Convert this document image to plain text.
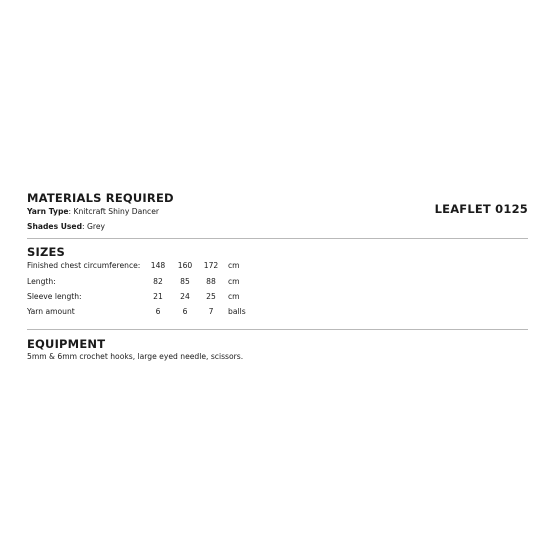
MATERIALS REQUIRED
Yarn Type: Knitcraft Shiny Dancer
Shades Used: Grey
LEAFLET 0125
SIZES
Finished chest circumference:	148	160	172	cm
Length:	82	85	88	cm
Sleeve length:	21	24	25	cm
Yarn amount	6	6	7	balls
EQUIPMENT
5mm & 6mm crochet hooks, large eyed needle, scissors.
